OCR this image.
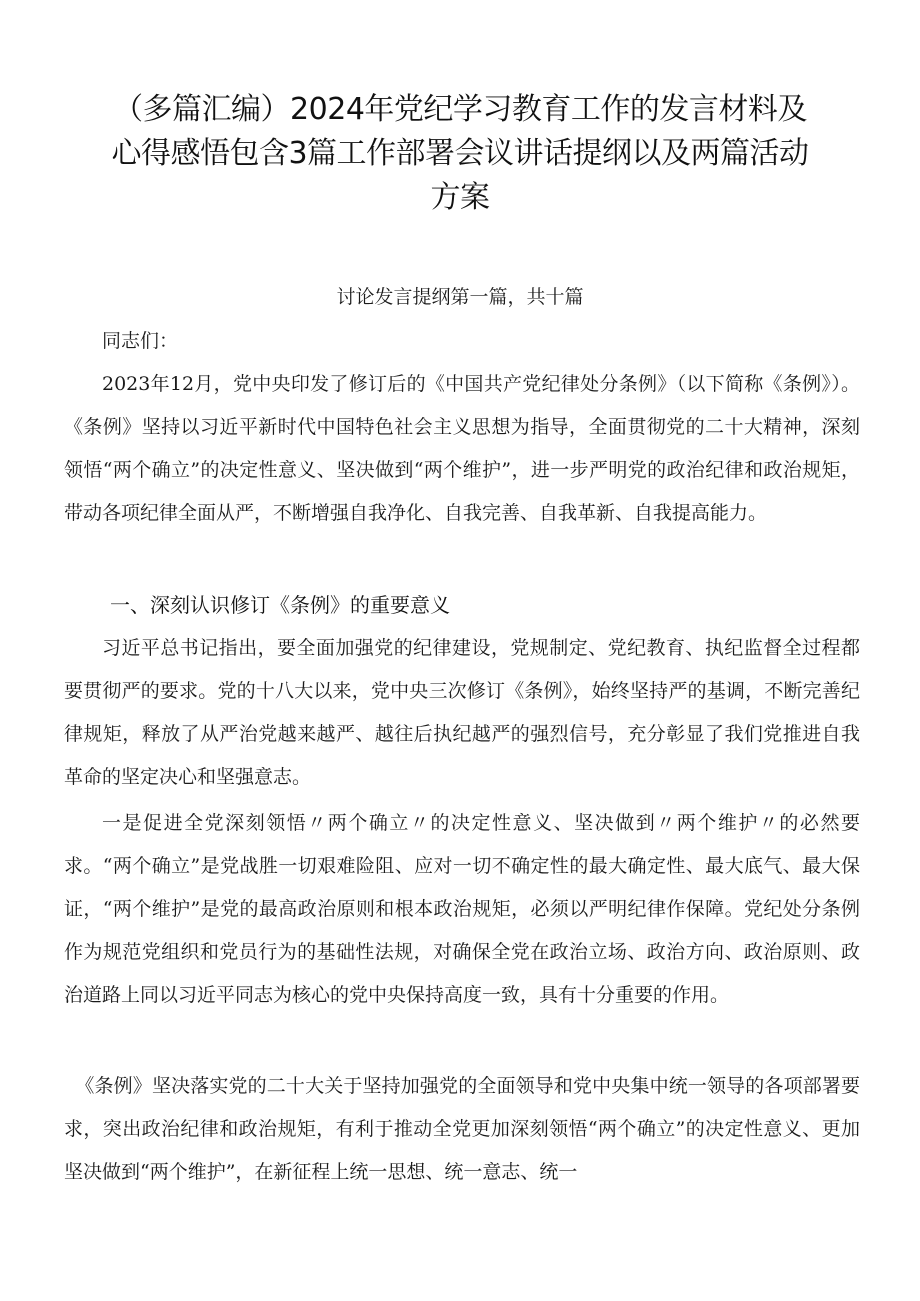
（多篇汇编）2024年党纪学习教育工作的发言材料及
心得感悟包含3篇工作部署会议讲话提纲以及两篇活动
方案
讨论发言提纲第一篇，共十篇
同志们：

2023年12月，党中央印发了修订后的《中国共产党纪律处分条例》（以下简称《条例》）。《条例》坚持以习近平新时代中国特色社会主义思想为指导，全面贯彻党的二十大精神，深刻领悟“两个确立”的决定性意义、坚决做到“两个维护”，进一步严明党的政治纪律和政治规矩，带动各项纪律全面从严，不断增强自我净化、自我完善、自我革新、自我提高能力。

一、深刻认识修订《条例》的重要意义

习近平总书记指出，要全面加强党的纪律建设，党规制定、党纪教育、执纪监督全过程都要贯彻严的要求。党的十八大以来，党中央三次修订《条例》，始终坚持严的基调，不断完善纪律规矩，释放了从严治党越来越严、越往后执纪越严的强烈信号，充分彰显了我们党推进自我革命的坚定决心和坚强意志。

一是促进全党深刻领悟〃两个确立〃的决定性意义、坚决做到〃两个维护〃的必然要求。“两个确立”是党战胜一切艰难险阻、应对一切不确定性的最大确定性、最大底气、最大保证，“两个维护”是党的最高政治原则和根本政治规矩，必须以严明纪律作保障。党纪处分条例作为规范党组织和党员行为的基础性法规，对确保全党在政治立场、政治方向、政治原则、政治道路上同以习近平同志为核心的党中央保持高度一致，具有十分重要的作用。

《条例》坚决落实党的二十大关于坚持加强党的全面领导和党中央集中统一领导的各项部署要求，突出政治纪律和政治规矩，有利于推动全党更加深刻领悟“两个确立”的决定性意义、更加坚决做到“两个维护”，在新征程上统一思想、统一意志、统一
